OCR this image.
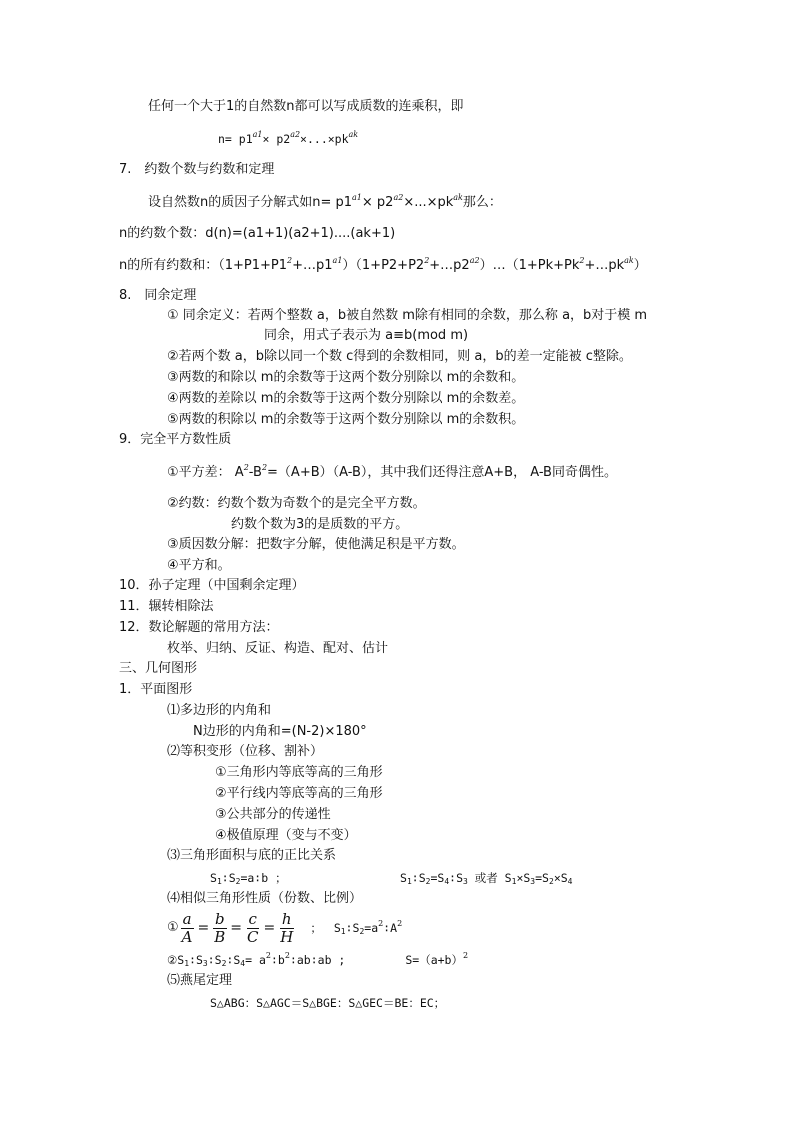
任何一个大于1的自然数n都可以写成质数的连乘积，即
$n= p1^{a1}\times p2^{a2}\times...\times pk^{ak}$
7.　约数个数与约数和定理
设自然数n的质因子分解式如$n= p1^{a1}\times p2^{a2}\times...\times pk^{ak}$那么：
n的约数个数：d(n)=(a1+1)(a2+1)....(ak+1)
n的所有约数和：$(1+P1+P1^2+\dots p1^{a1})(1+P2+P2^2+\dots p2^{a2})\dots(1+Pk+Pk^2+\dots pk^{ak})$
8.　同余定理
① 同余定义：若两个整数 a，b被自然数 m除有相同的余数，那么称 a，b对于模 m
同余，用式子表示为 a≡b(mod m)
②若两个数 a，b除以同一个数 c得到的余数相同，则 a，b的差一定能被 c整除。
③两数的和除以 m的余数等于这两个数分别除以 m的余数和。
④两数的差除以 m的余数等于这两个数分别除以 m的余数差。
⑤两数的积除以 m的余数等于这两个数分别除以 m的余数积。
9．完全平方数性质
①平方差： $A^2-B^2=(A+B)(A-B)$，其中我们还得注意A+B， A-B同奇偶性。
②约数：约数个数为奇数个的是完全平方数。
约数个数为3的是质数的平方。
③质因数分解：把数字分解，使他满足积是平方数。
④平方和。
10．孙子定理（中国剩余定理）
11．辗转相除法
12．数论解题的常用方法：
枚举、归纳、反证、构造、配对、估计
三、几何图形
1．平面图形
⑴多边形的内角和
N边形的内角和=(N-2)×180°
⑵等积变形（位移、割补）
①三角形内等底等高的三角形
②平行线内等底等高的三角形
③公共部分的传递性
④极值原理（变与不变）
⑶三角形面积与底的正比关系
$S_1∶S_2=a∶b$ ；	$S_1∶S_2=S_4∶S_3$ 或者 $S_1\times S_3=S_2\times S_4$
⑷相似三角形性质（份数、比例）
① $\frac{a}{A} = \frac{b}{B} = \frac{c}{C} = \frac{h}{H}$ ； $S_1∶S_2=a^2∶A^2$
$②S_1∶S_3∶S_2∶S_4=$ $a^2∶b^2∶ab∶ab$ ;	$S=(a+b)^2$
⑸燕尾定理
S△ABG：S△AGC＝S△BGE：S△GEC＝BE：EC；
